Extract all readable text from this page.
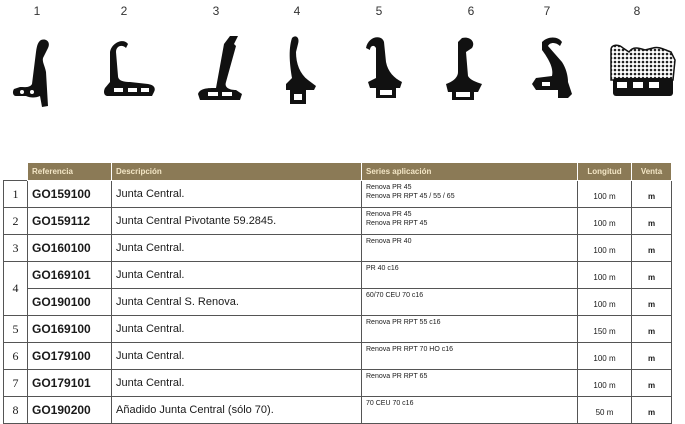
1	2	3	4	5	6	7	8
	Referencia	Descripción	Series aplicación	Longitud	Venta
1	GO159100	Junta Central.	Renova PR 45
Renova PR RPT 45 / 55 / 65	100 m	m
2	GO159112	Junta Central Pivotante 59.2845.	Renova PR 45
Renova PR RPT 45	100 m	m
3	GO160100	Junta Central.	Renova PR 40	100 m	m
4	GO169101	Junta Central.	PR 40 c16	100 m	m
	GO190100	Junta Central S. Renova.	60/70 CEU 70 c16	100 m	m
5	GO169100	Junta Central.	Renova PR RPT 55 c16	150 m	m
6	GO179100	Junta Central.	Renova PR RPT 70 HO c16	100 m	m
7	GO179101	Junta Central.	Renova PR RPT 65	100 m	m
8	GO190200	Añadido Junta Central (sólo 70).	70 CEU 70 c16	50 m	m
